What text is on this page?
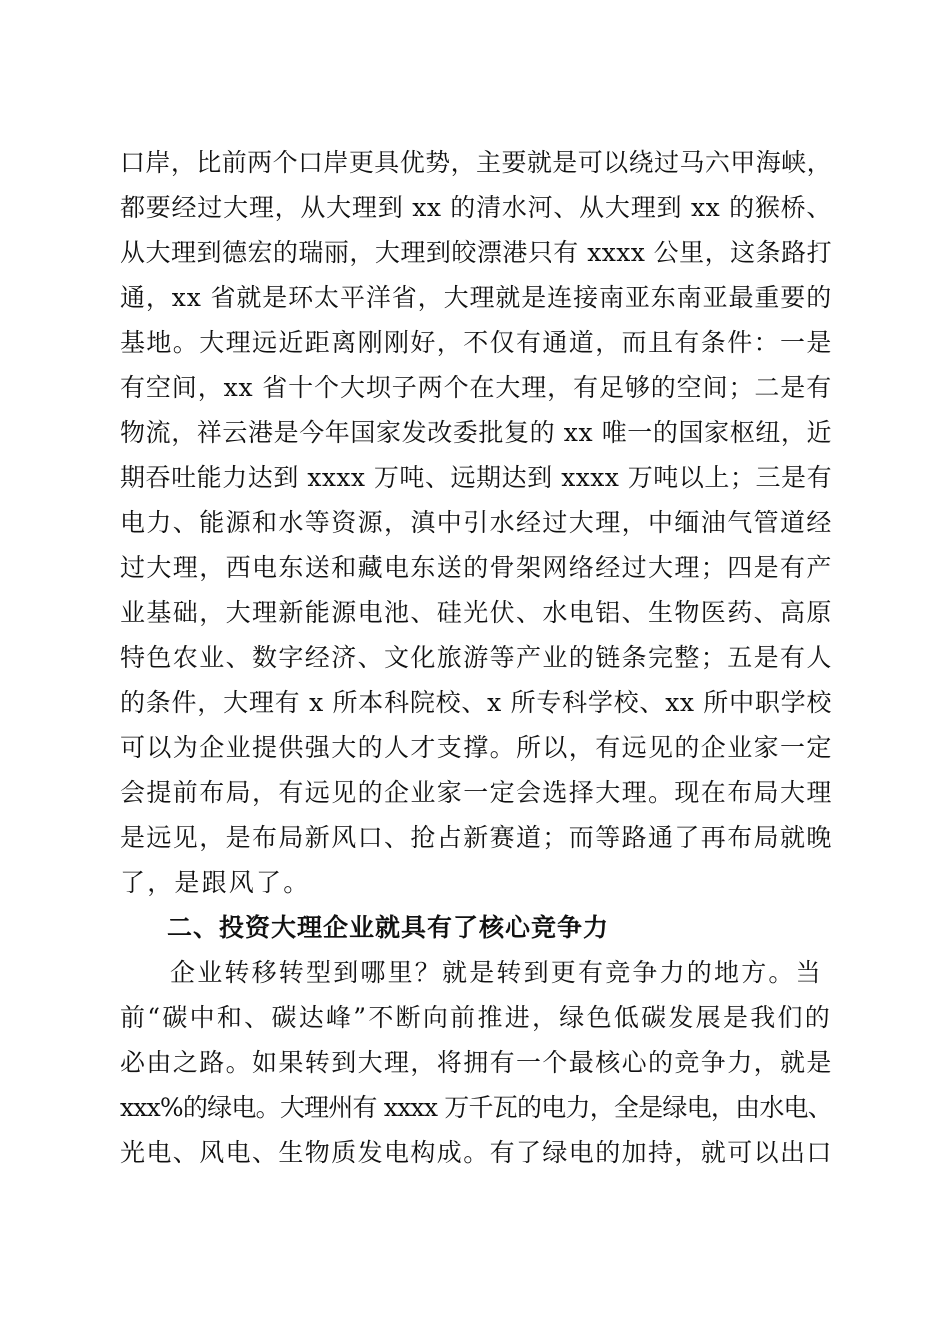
口岸，比前两个口岸更具优势，主要就是可以绕过马六甲海峡，
都要经过大理，从大理到 xx 的清水河、从大理到 xx 的猴桥、
从大理到德宏的瑞丽，大理到皎漂港只有 xxxx 公里，这条路打
通，xx 省就是环太平洋省，大理就是连接南亚东南亚最重要的
基地。大理远近距离刚刚好，不仅有通道，而且有条件：一是
有空间，xx 省十个大坝子两个在大理，有足够的空间；二是有
物流，祥云港是今年国家发改委批复的 xx 唯一的国家枢纽，近
期吞吐能力达到 xxxx 万吨、远期达到 xxxx 万吨以上；三是有
电力、能源和水等资源，滇中引水经过大理，中缅油气管道经
过大理，西电东送和藏电东送的骨架网络经过大理；四是有产
业基础，大理新能源电池、硅光伏、水电铝、生物医药、高原
特色农业、数字经济、文化旅游等产业的链条完整；五是有人
的条件，大理有 x 所本科院校、x 所专科学校、xx 所中职学校
可以为企业提供强大的人才支撑。所以，有远见的企业家一定
会提前布局，有远见的企业家一定会选择大理。现在布局大理
是远见，是布局新风口、抢占新赛道；而等路通了再布局就晚
了，是跟风了。
二、投资大理企业就具有了核心竞争力
企业转移转型到哪里？就是转到更有竞争力的地方。当
前“碳中和、碳达峰”不断向前推进，绿色低碳发展是我们的
必由之路。如果转到大理，将拥有一个最核心的竞争力，就是
xxx%的绿电。大理州有 xxxx 万千瓦的电力，全是绿电，由水电、
光电、风电、生物质发电构成。有了绿电的加持，就可以出口
